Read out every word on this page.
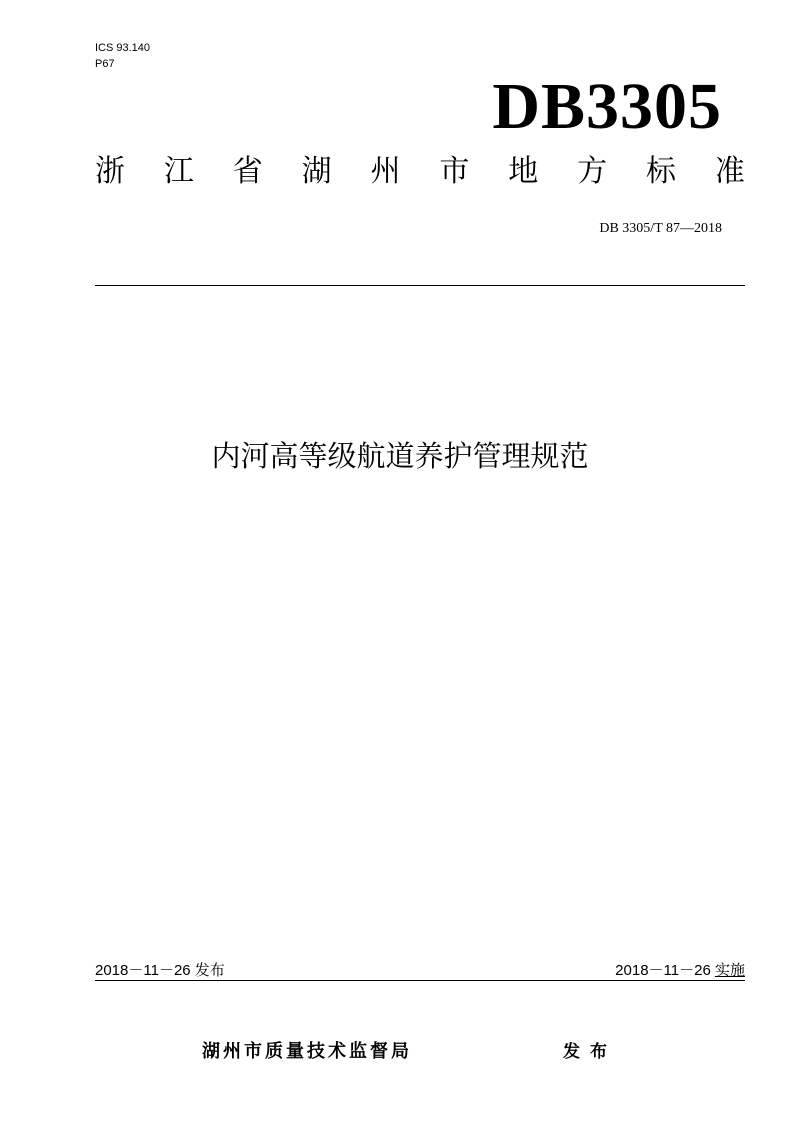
ICS 93.140
P67
DB3305
浙 江 省 湖 州 市 地 方 标 准
DB 3305/T 87—2018
内河高等级航道养护管理规范
2018－11－26 发布	2018－11－26 实施
湖州市质量技术监督局	发布
